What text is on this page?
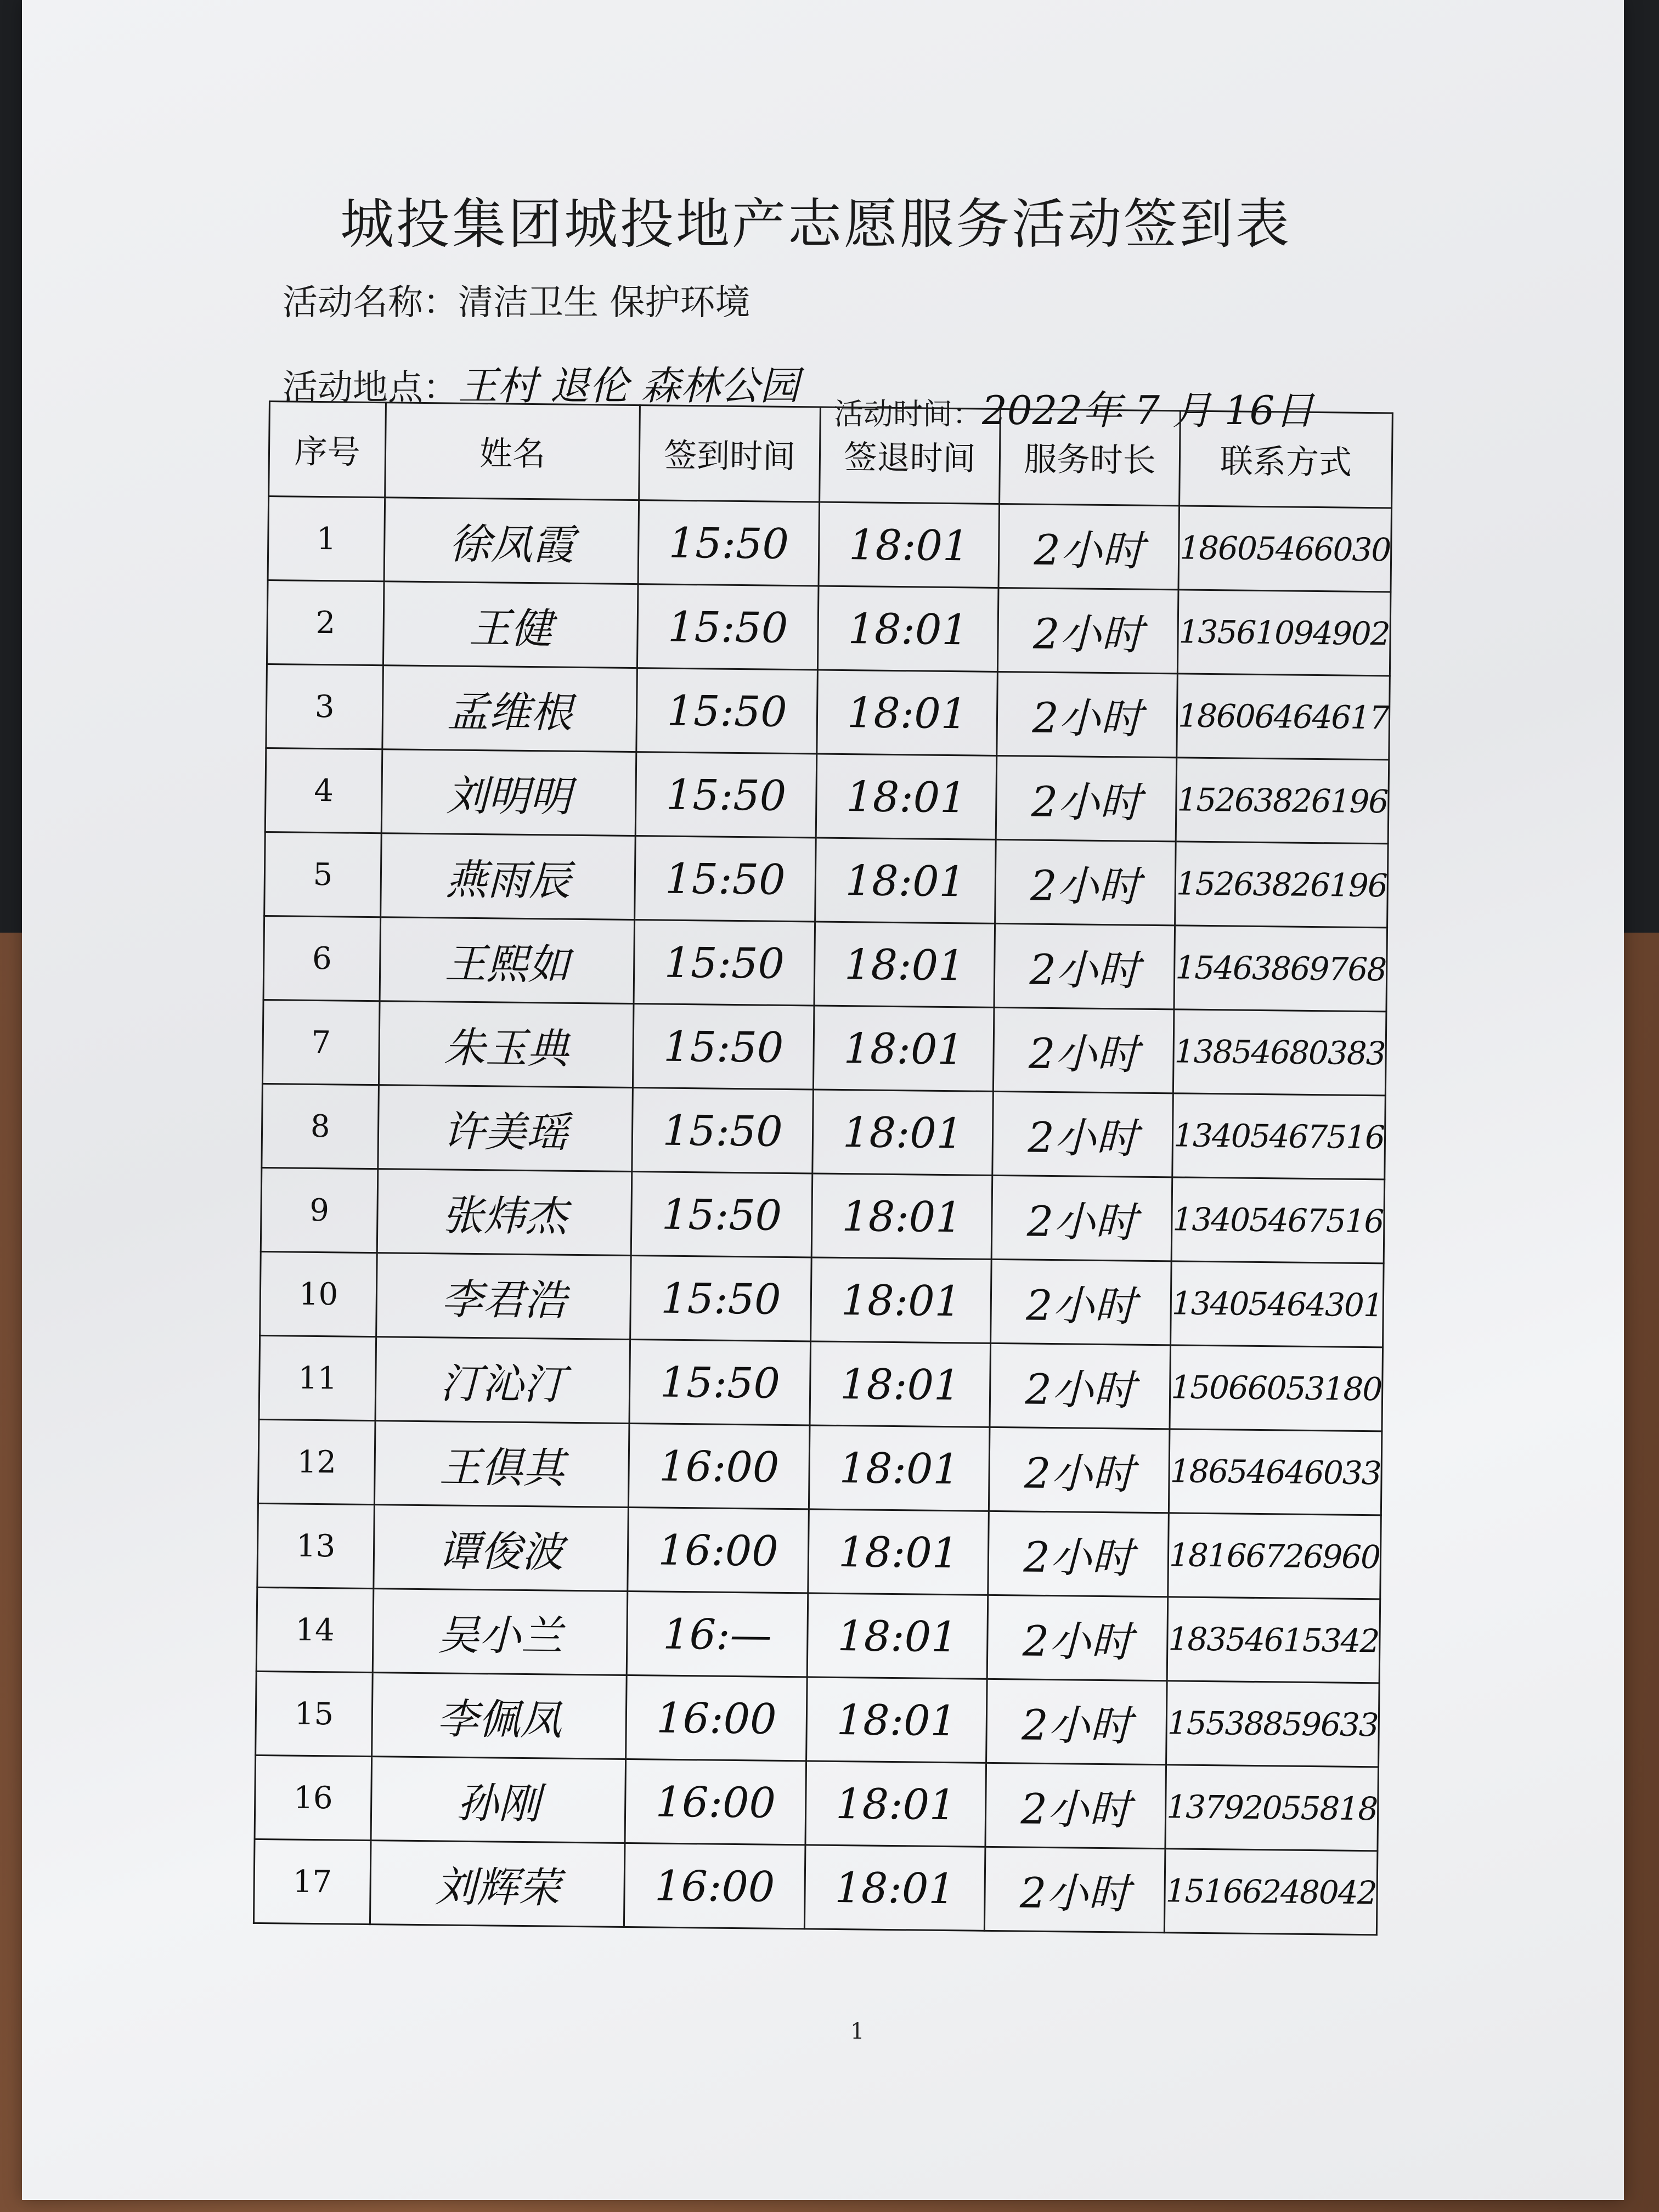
城投集团城投地产志愿服务活动签到表
活动名称：清洁卫生 保护环境
活动地点：王村 退伦 森林公园
活动时间：2022年 7 月 16日
序号	姓名	签到时间	签退时间	服务时长	联系方式
1	徐凤霞	15:50	18:01	2小时	18605466030
2	王健	15:50	18:01	2小时	13561094902
3	孟维根	15:50	18:01	2小时	18606464617
4	刘明明	15:50	18:01	2小时	15263826196
5	燕雨辰	15:50	18:01	2小时	15263826196
6	王熙如	15:50	18:01	2小时	15463869768
7	朱玉典	15:50	18:01	2小时	13854680383
8	许美瑶	15:50	18:01	2小时	13405467516
9	张炜杰	15:50	18:01	2小时	13405467516
10	李君浩	15:50	18:01	2小时	13405464301
11	汀沁汀	15:50	18:01	2小时	15066053180
12	王俱其	16:00	18:01	2小时	18654646033
13	谭俊波	16:00	18:01	2小时	18166726960
14	吴小兰	16:—	18:01	2小时	18354615342
15	李佩凤	16:00	18:01	2小时	15538859633
16	孙刚	16:00	18:01	2小时	13792055818
17	刘辉荣	16:00	18:01	2小时	15166248042
1
